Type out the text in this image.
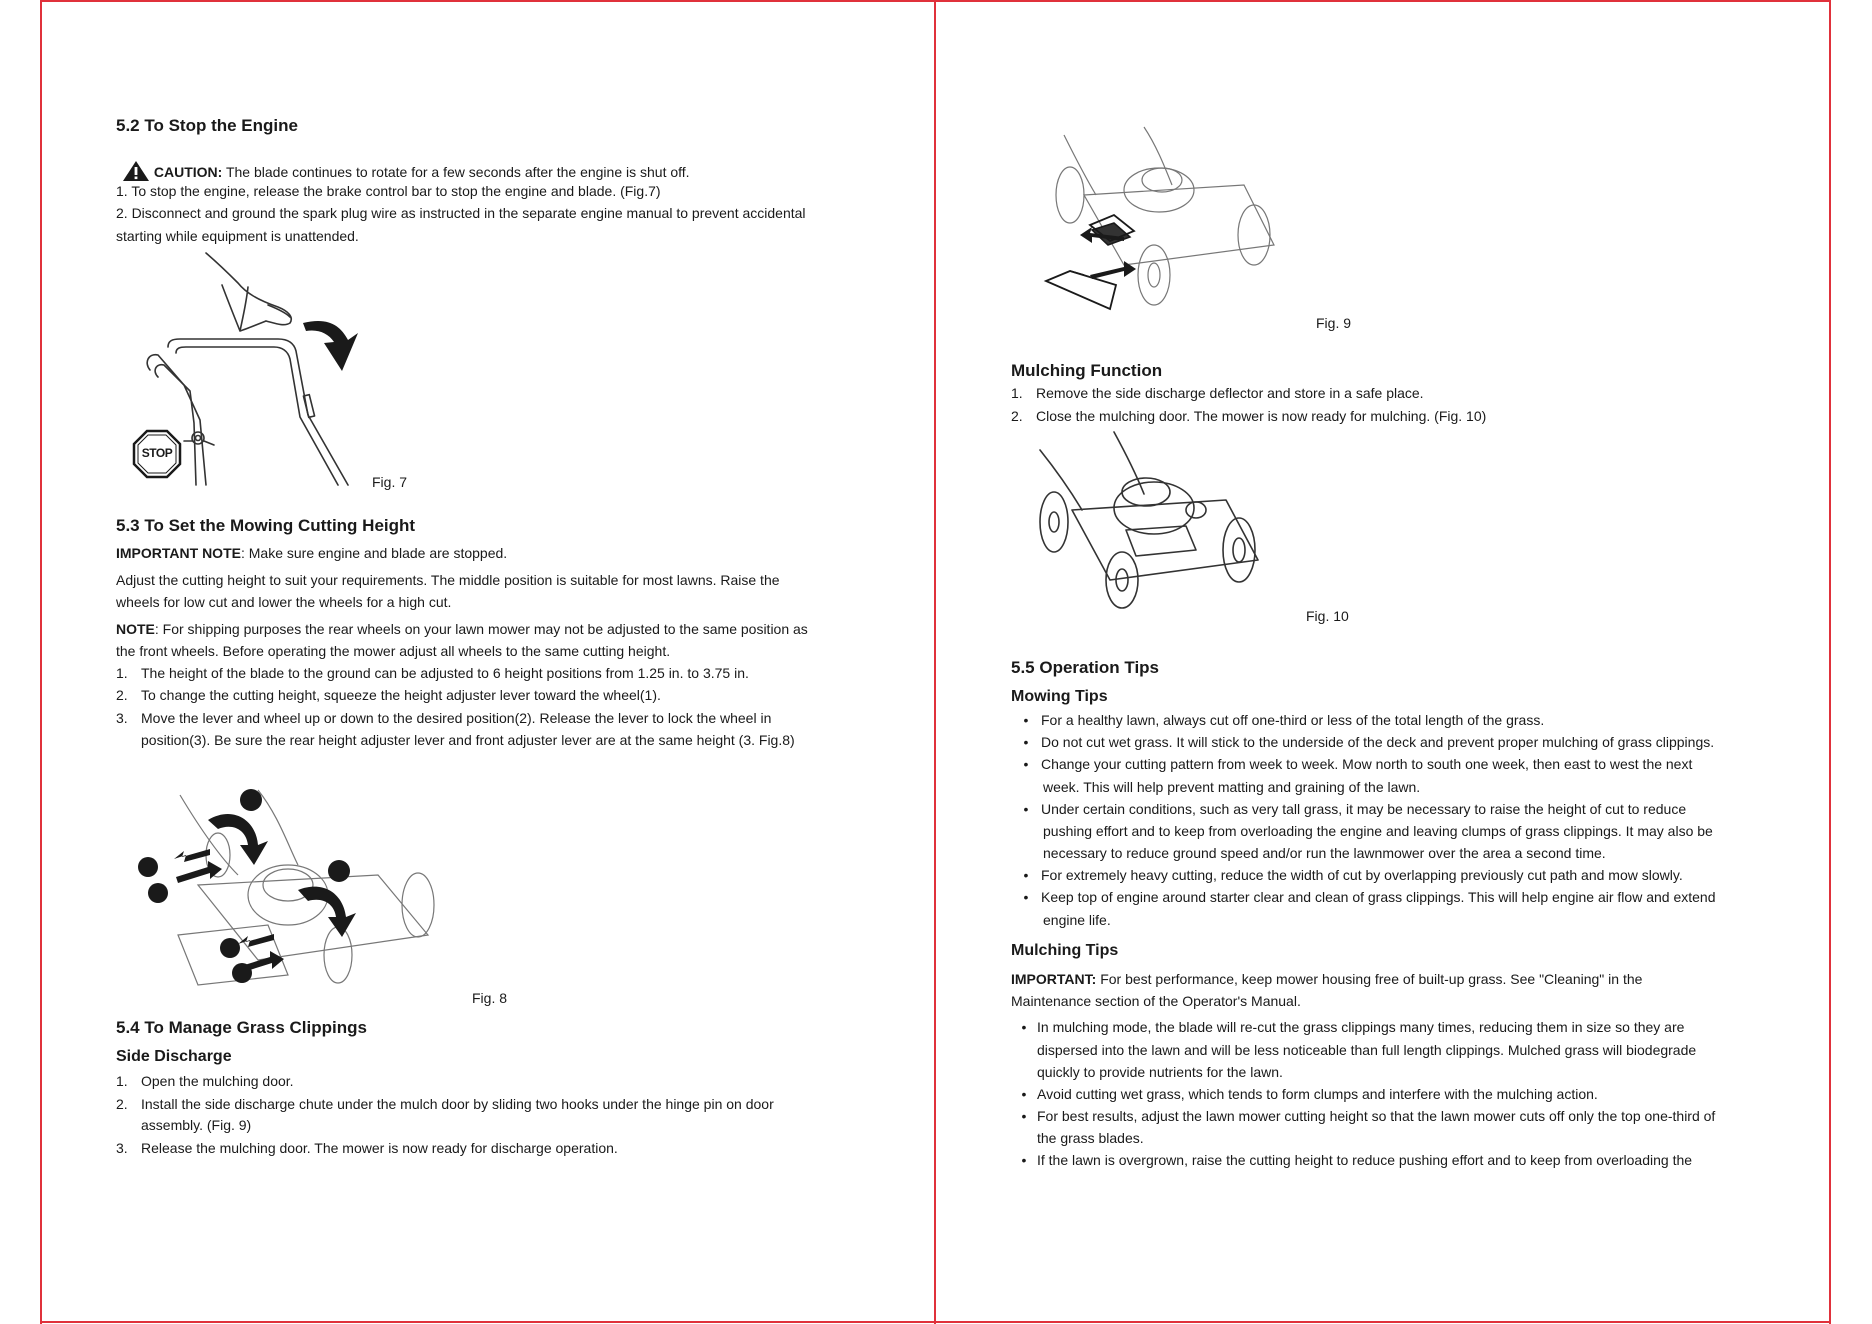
5.2 To Stop the Engine
CAUTION: The blade continues to rotate for a few seconds after the engine is shut off.
1. To stop the engine, release the brake control bar to stop the engine and blade. (Fig.7)
2. Disconnect and ground the spark plug wire as instructed in the separate engine manual to prevent accidental
starting while equipment is unattended.
STOP
Fig. 7
5.3 To Set the Mowing Cutting Height
IMPORTANT NOTE: Make sure engine and blade are stopped.
Adjust the cutting height to suit your requirements. The middle position is suitable for most lawns. Raise the
wheels for low cut and lower the wheels for a high cut.
NOTE: For shipping purposes the rear wheels on your lawn mower may not be adjusted to the same position as
the front wheels. Before operating the mower adjust all wheels to the same cutting height.
1. The height of the blade to the ground can be adjusted to 6 height positions from 1.25 in. to 3.75 in.
2. To change the cutting height, squeeze the height adjuster lever toward the wheel(1).
3. Move the lever and wheel up or down to the desired position(2). Release the lever to lock the wheel in
position(3). Be sure the rear height adjuster lever and front adjuster lever are at the same height (3. Fig.8)
Fig. 8
5.4 To Manage Grass Clippings
Side Discharge
1. Open the mulching door.
2. Install the side discharge chute under the mulch door by sliding two hooks under the hinge pin on door
assembly. (Fig. 9)
3. Release the mulching door. The mower is now ready for discharge operation.
Fig. 9
Mulching Function
1. Remove the side discharge deflector and store in a safe place.
2. Close the mulching door. The mower is now ready for mulching. (Fig. 10)
Fig. 10
5.5 Operation Tips
Mowing Tips
• For a healthy lawn, always cut off one-third or less of the total length of the grass.
• Do not cut wet grass. It will stick to the underside of the deck and prevent proper mulching of grass clippings.
• Change your cutting pattern from week to week. Mow north to south one week, then east to west the next
week. This will help prevent matting and graining of the lawn.
• Under certain conditions, such as very tall grass, it may be necessary to raise the height of cut to reduce
pushing effort and to keep from overloading the engine and leaving clumps of grass clippings. It may also be
necessary to reduce ground speed and/or run the lawnmower over the area a second time.
• For extremely heavy cutting, reduce the width of cut by overlapping previously cut path and mow slowly.
• Keep top of engine around starter clear and clean of grass clippings. This will help engine air flow and extend
engine life.
Mulching Tips
IMPORTANT: For best performance, keep mower housing free of built-up grass. See "Cleaning" in the
Maintenance section of the Operator's Manual.
• In mulching mode, the blade will re-cut the grass clippings many times, reducing them in size so they are
dispersed into the lawn and will be less noticeable than full length clippings. Mulched grass will biodegrade
quickly to provide nutrients for the lawn.
• Avoid cutting wet grass, which tends to form clumps and interfere with the mulching action.
• For best results, adjust the lawn mower cutting height so that the lawn mower cuts off only the top one-third of
the grass blades.
• If the lawn is overgrown, raise the cutting height to reduce pushing effort and to keep from overloading the
